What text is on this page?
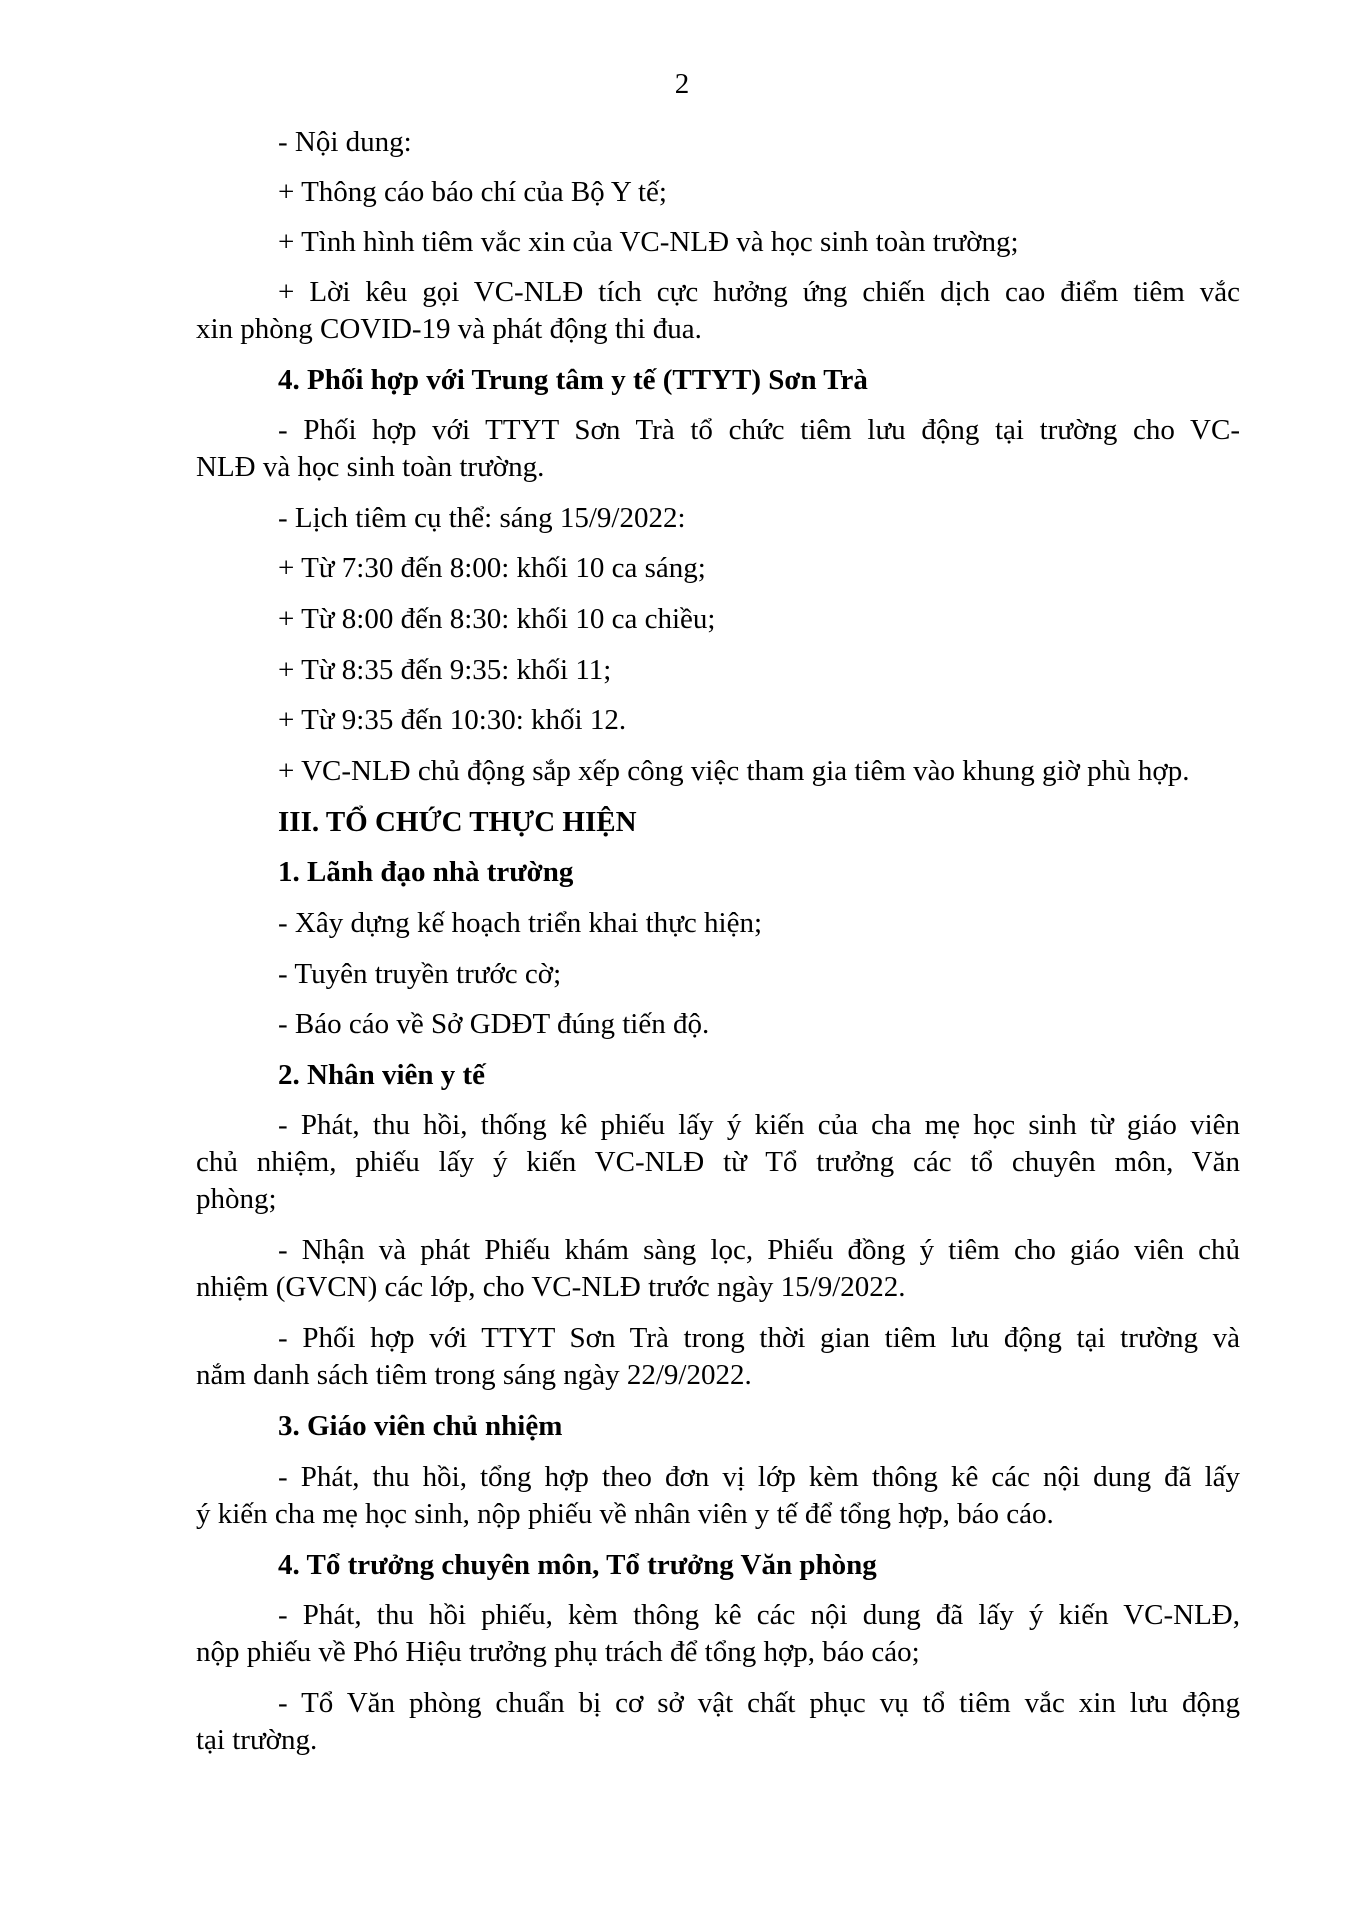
2
- Nội dung:
+ Thông cáo báo chí của Bộ Y tế;
+ Tình hình tiêm vắc xin của VC-NLĐ và học sinh toàn trường;
+ Lời kêu gọi VC-NLĐ tích cực hưởng ứng chiến dịch cao điểm tiêm vắc
xin phòng COVID-19 và phát động thi đua.
4. Phối hợp với Trung tâm y tế (TTYT) Sơn Trà
- Phối hợp với TTYT Sơn Trà tổ chức tiêm lưu động tại trường cho VC-
NLĐ và học sinh toàn trường.
- Lịch tiêm cụ thể: sáng 15/9/2022:
+ Từ 7:30 đến 8:00: khối 10 ca sáng;
+ Từ 8:00 đến 8:30: khối 10 ca chiều;
+ Từ 8:35 đến 9:35: khối 11;
+ Từ 9:35 đến 10:30: khối 12.
+ VC-NLĐ chủ động sắp xếp công việc tham gia tiêm vào khung giờ phù hợp.
III. TỔ CHỨC THỰC HIỆN
1. Lãnh đạo nhà trường
- Xây dựng kế hoạch triển khai thực hiện;
- Tuyên truyền trước cờ;
- Báo cáo về Sở GDĐT đúng tiến độ.
2. Nhân viên y tế
- Phát, thu hồi, thống kê phiếu lấy ý kiến của cha mẹ học sinh từ giáo viên
chủ nhiệm, phiếu lấy ý kiến VC-NLĐ từ Tổ trưởng các tổ chuyên môn, Văn
phòng;
- Nhận và phát Phiếu khám sàng lọc, Phiếu đồng ý tiêm cho giáo viên chủ
nhiệm (GVCN) các lớp, cho VC-NLĐ trước ngày 15/9/2022.
- Phối hợp với TTYT Sơn Trà trong thời gian tiêm lưu động tại trường và
nắm danh sách tiêm trong sáng ngày 22/9/2022.
3. Giáo viên chủ nhiệm
- Phát, thu hồi, tổng hợp theo đơn vị lớp kèm thông kê các nội dung đã lấy
ý kiến cha mẹ học sinh, nộp phiếu về nhân viên y tế để tổng hợp, báo cáo.
4. Tổ trưởng chuyên môn, Tổ trưởng Văn phòng
- Phát, thu hồi phiếu, kèm thông kê các nội dung đã lấy ý kiến VC-NLĐ,
nộp phiếu về Phó Hiệu trưởng phụ trách để tổng hợp, báo cáo;
- Tổ Văn phòng chuẩn bị cơ sở vật chất phục vụ tổ tiêm vắc xin lưu động
tại trường.
